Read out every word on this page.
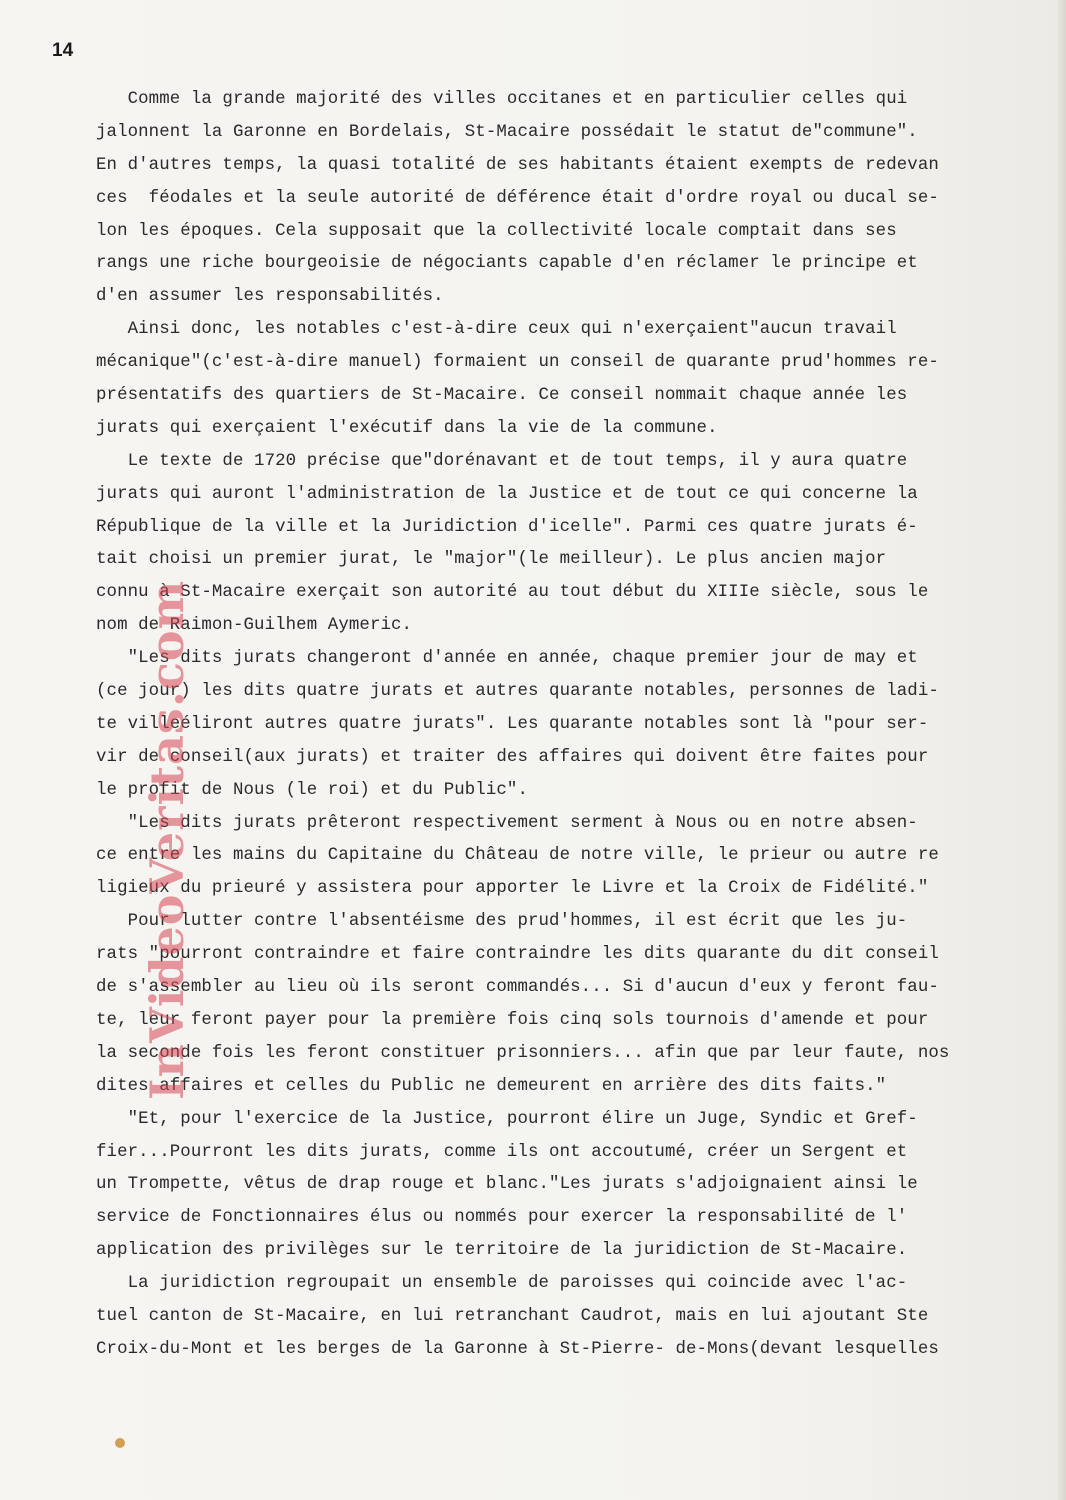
14
Comme la grande majorité des villes occitanes et en particulier celles qui
jalonnent la Garonne en Bordelais, St-Macaire possédait le statut de"commune".
En d'autres temps, la quasi totalité de ses habitants étaient exempts de redevan
ces  féodales et la seule autorité de déférence était d'ordre royal ou ducal se-
lon les époques. Cela supposait que la collectivité locale comptait dans ses
rangs une riche bourgeoisie de négociants capable d'en réclamer le principe et
d'en assumer les responsabilités.
Ainsi donc, les notables c'est-à-dire ceux qui n'exerçaient"aucun travail
mécanique"(c'est-à-dire manuel) formaient un conseil de quarante prud'hommes re-
présentatifs des quartiers de St-Macaire. Ce conseil nommait chaque année les
jurats qui exerçaient l'exécutif dans la vie de la commune.
Le texte de 1720 précise que"dorénavant et de tout temps, il y aura quatre
jurats qui auront l'administration de la Justice et de tout ce qui concerne la
République de la ville et la Juridiction d'icelle". Parmi ces quatre jurats é-
tait choisi un premier jurat, le "major"(le meilleur). Le plus ancien major
connu à St-Macaire exerçait son autorité au tout début du XIIIe siècle, sous le
nom de Raimon-Guilhem Aymeric.
"Les dits jurats changeront d'année en année, chaque premier jour de may et
(ce jour) les dits quatre jurats et autres quarante notables, personnes de ladi-
te villeéliront autres quatre jurats". Les quarante notables sont là "pour ser-
vir de conseil(aux jurats) et traiter des affaires qui doivent être faites pour
le profit de Nous (le roi) et du Public".
"Les dits jurats prêteront respectivement serment à Nous ou en notre absen-
ce entre les mains du Capitaine du Château de notre ville, le prieur ou autre re
ligieux du prieuré y assistera pour apporter le Livre et la Croix de Fidélité."
Pour lutter contre l'absentéisme des prud'hommes, il est écrit que les ju-
rats "pourront contraindre et faire contraindre les dits quarante du dit conseil
de s'assembler au lieu où ils seront commandés... Si d'aucun d'eux y feront fau-
te, leur feront payer pour la première fois cinq sols tournois d'amende et pour
la seconde fois les feront constituer prisonniers... afin que par leur faute, nos
dites affaires et celles du Public ne demeurent en arrière des dits faits."
"Et, pour l'exercice de la Justice, pourront élire un Juge, Syndic et Gref-
fier...Pourront les dits jurats, comme ils ont accoutumé, créer un Sergent et
un Trompette, vêtus de drap rouge et blanc."Les jurats s'adjoignaient ainsi le
service de Fonctionnaires élus ou nommés pour exercer la responsabilité de l'
application des privilèges sur le territoire de la juridiction de St-Macaire.
La juridiction regroupait un ensemble de paroisses qui coincide avec l'ac-
tuel canton de St-Macaire, en lui retranchant Caudrot, mais en lui ajoutant Ste
Croix-du-Mont et les berges de la Garonne à St-Pierre- de-Mons(devant lesquelles
InVideoVeritas.com
